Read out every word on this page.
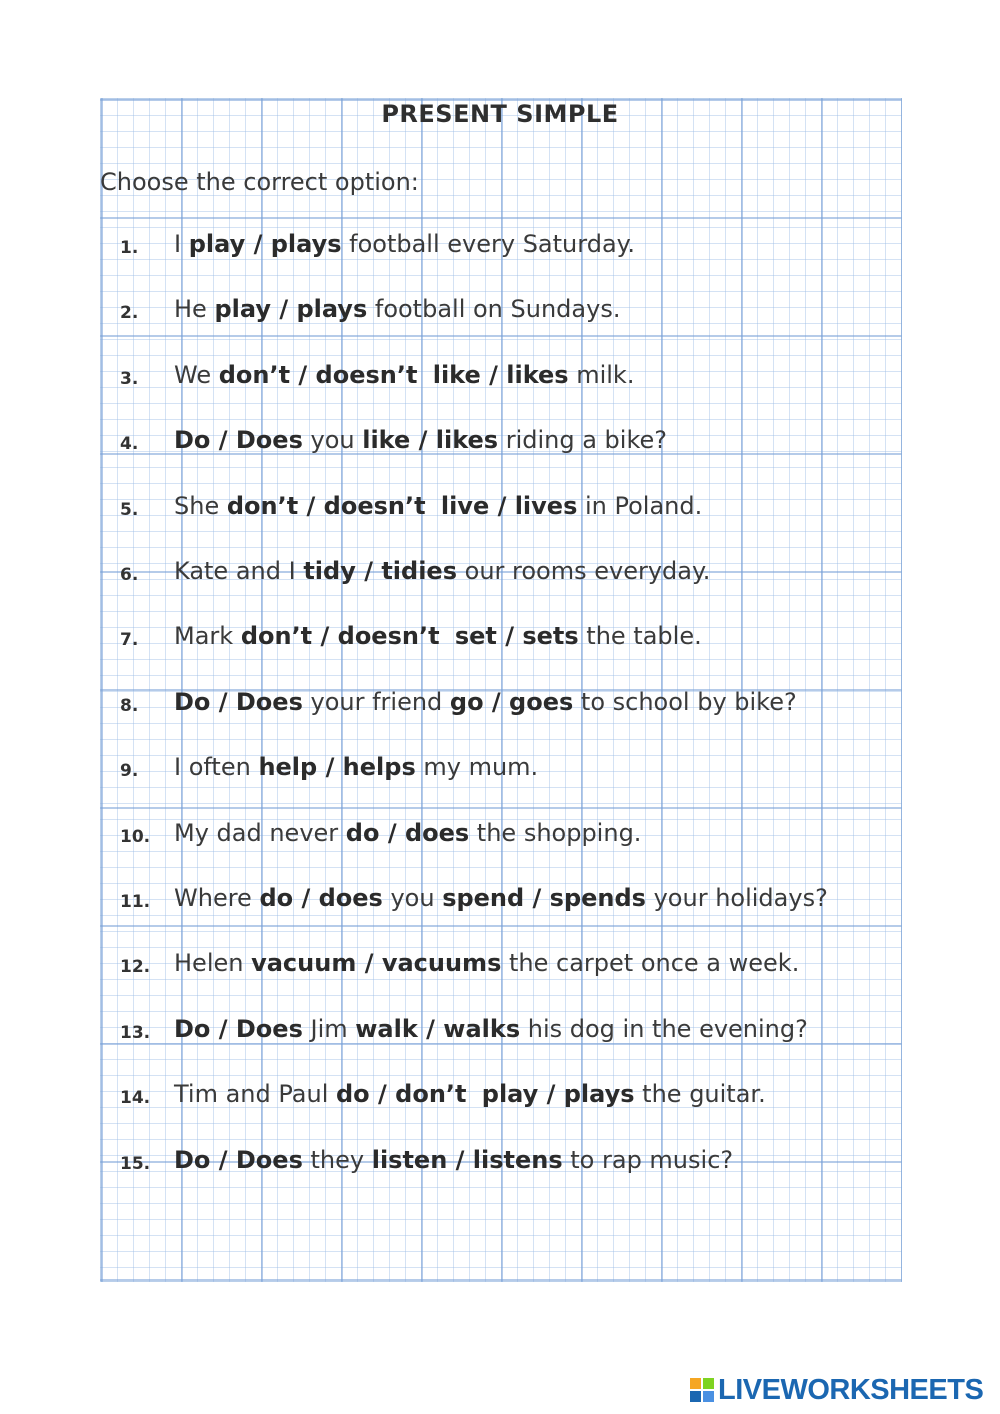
PRESENT SIMPLE
Choose the correct option:
1. I play / plays football every Saturday.
2. He play / plays football on Sundays.
3. We don’t / doesn’t like / likes milk.
4. Do / Does you like / likes riding a bike?
5. She don’t / doesn’t live / lives in Poland.
6. Kate and I tidy / tidies our rooms everyday.
7. Mark don’t / doesn’t set / sets the table.
8. Do / Does your friend go / goes to school by bike?
9. I often help / helps my mum.
10. My dad never do / does the shopping.
11. Where do / does you spend / spends your holidays?
12. Helen vacuum / vacuums the carpet once a week.
13. Do / Does Jim walk / walks his dog in the evening?
14. Tim and Paul do / don’t play / plays the guitar.
15. Do / Does they listen / listens to rap music?
LIVEWORKSHEETS
